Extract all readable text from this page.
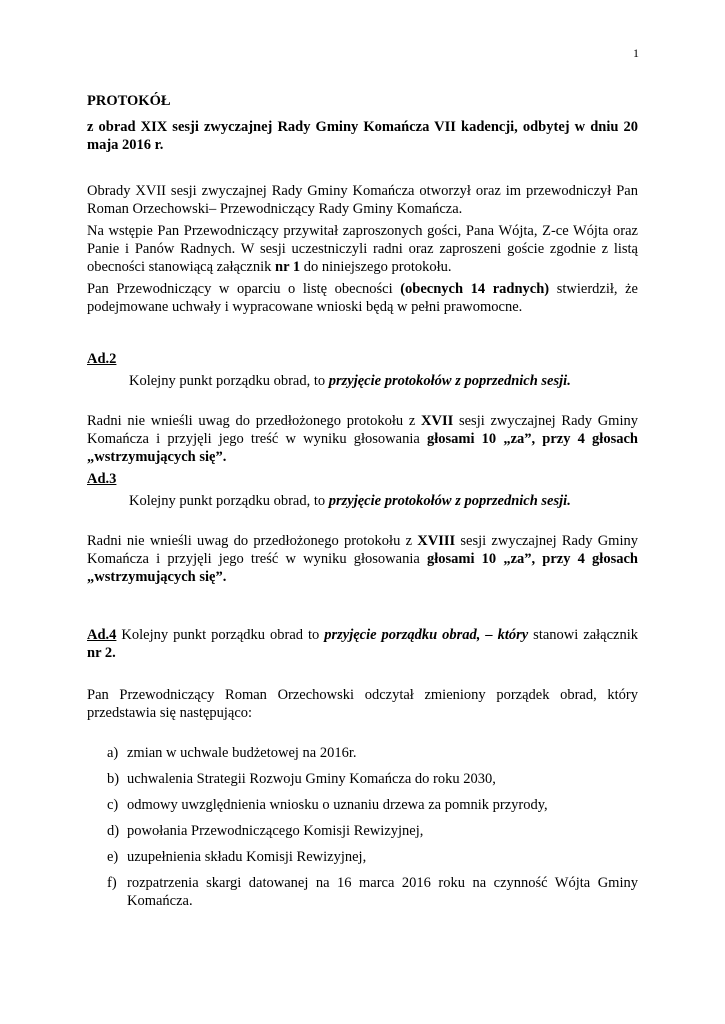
1

PROTOKÓŁ

z obrad XIX sesji zwyczajnej Rady Gminy Komańcza VII kadencji, odbytej w dniu 20 maja 2016 r.

Obrady XVII sesji zwyczajnej Rady Gminy Komańcza otworzył oraz im przewodniczył Pan Roman Orzechowski– Przewodniczący Rady Gminy Komańcza.

Na wstępie Pan Przewodniczący przywitał zaproszonych gości, Pana Wójta, Z-ce Wójta oraz Panie i Panów Radnych. W sesji uczestniczyli radni oraz zaproszeni goście zgodnie z listą obecności stanowiącą załącznik nr 1 do niniejszego protokołu.

Pan Przewodniczący w oparciu o listę obecności (obecnych 14 radnych) stwierdził, że podejmowane uchwały i wypracowane wnioski będą w pełni prawomocne.

Ad.2

Kolejny punkt porządku obrad, to przyjęcie protokołów z poprzednich sesji.

Radni nie wnieśli uwag do przedłożonego protokołu z XVII sesji zwyczajnej Rady Gminy Komańcza i przyjęli jego treść w wyniku głosowania głosami 10 „za”, przy 4 głosach „wstrzymujących się”.

Ad.3

Kolejny punkt porządku obrad, to przyjęcie protokołów z poprzednich sesji.

Radni nie wnieśli uwag do przedłożonego protokołu z XVIII sesji zwyczajnej Rady Gminy Komańcza i przyjęli jego treść w wyniku głosowania głosami 10 „za”, przy 4 głosach „wstrzymujących się”.

Ad.4 Kolejny punkt porządku obrad to przyjęcie porządku obrad, – który stanowi załącznik nr 2.

Pan Przewodniczący Roman Orzechowski odczytał zmieniony porządek obrad, który przedstawia się następująco:

a) zmian w uchwale budżetowej na 2016r.
b) uchwalenia Strategii Rozwoju Gminy Komańcza do roku 2030,
c) odmowy uwzględnienia wniosku o uznaniu drzewa za pomnik przyrody,
d) powołania Przewodniczącego Komisji Rewizyjnej,
e) uzupełnienia składu Komisji Rewizyjnej,
f) rozpatrzenia skargi datowanej na 16 marca 2016 roku na czynność Wójta Gminy Komańcza.
